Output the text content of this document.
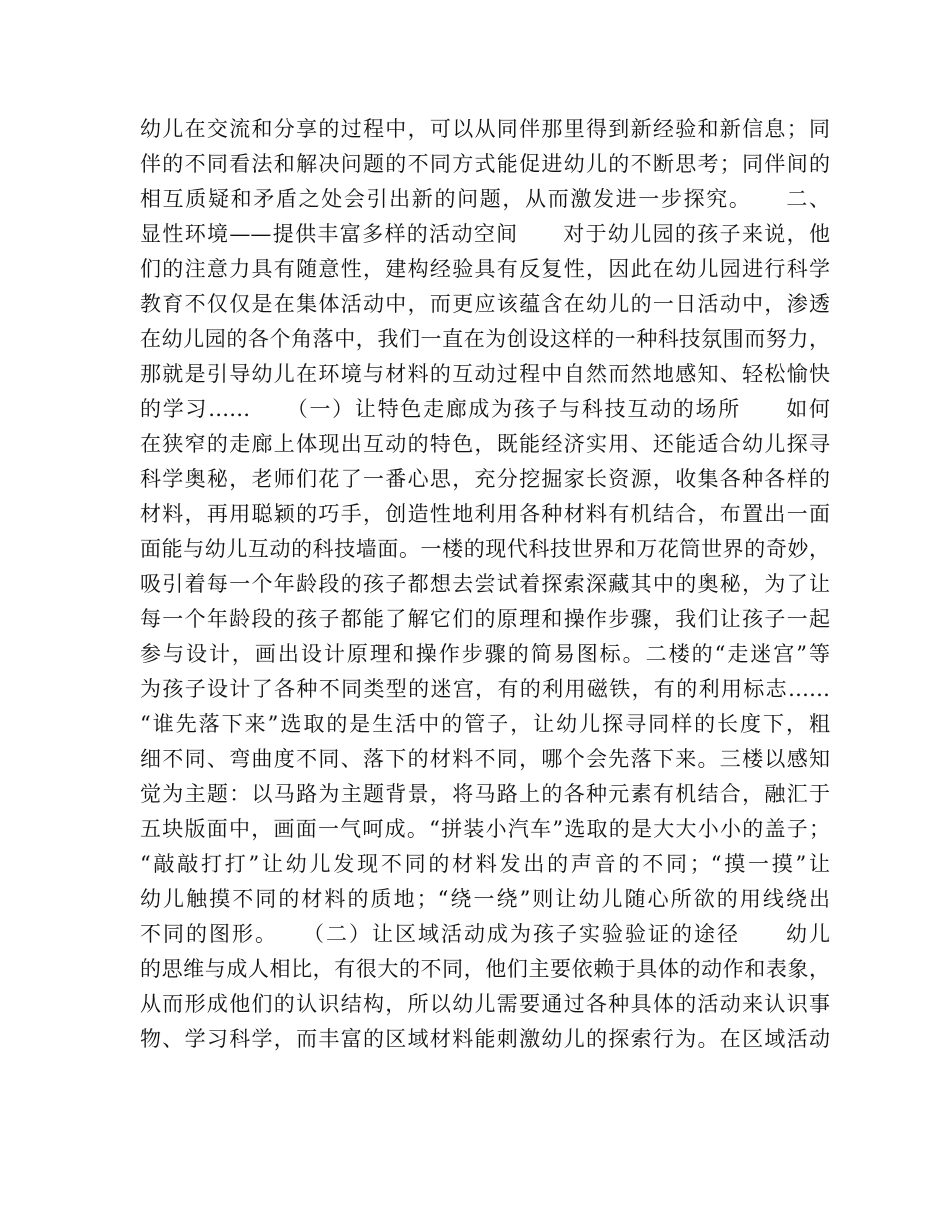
幼儿在交流和分享的过程中，可以从同伴那里得到新经验和新信息；同
伴的不同看法和解决问题的不同方式能促进幼儿的不断思考；同伴间的
相互质疑和矛盾之处会引出新的问题，从而激发进一步探究。　　二、
显性环境——提供丰富多样的活动空间　　对于幼儿园的孩子来说，他
们的注意力具有随意性，建构经验具有反复性，因此在幼儿园进行科学
教育不仅仅是在集体活动中，而更应该蕴含在幼儿的一日活动中，渗透
在幼儿园的各个角落中，我们一直在为创设这样的一种科技氛围而努力，
那就是引导幼儿在环境与材料的互动过程中自然而然地感知、轻松愉快
的学习……　　（一）让特色走廊成为孩子与科技互动的场所　　如何
在狭窄的走廊上体现出互动的特色，既能经济实用、还能适合幼儿探寻
科学奥秘，老师们花了一番心思，充分挖掘家长资源，收集各种各样的
材料，再用聪颖的巧手，创造性地利用各种材料有机结合，布置出一面
面能与幼儿互动的科技墙面。一楼的现代科技世界和万花筒世界的奇妙，
吸引着每一个年龄段的孩子都想去尝试着探索深藏其中的奥秘，为了让
每一个年龄段的孩子都能了解它们的原理和操作步骤，我们让孩子一起
参与设计，画出设计原理和操作步骤的简易图标。二楼的“走迷宫”等
为孩子设计了各种不同类型的迷宫，有的利用磁铁，有的利用标志……
“谁先落下来”选取的是生活中的管子，让幼儿探寻同样的长度下，粗
细不同、弯曲度不同、落下的材料不同，哪个会先落下来。三楼以感知
觉为主题：以马路为主题背景，将马路上的各种元素有机结合，融汇于
五块版面中，画面一气呵成。“拼装小汽车”选取的是大大小小的盖子；
“敲敲打打”让幼儿发现不同的材料发出的声音的不同；“摸一摸”让
幼儿触摸不同的材料的质地；“绕一绕”则让幼儿随心所欲的用线绕出
不同的图形。　　（二）让区域活动成为孩子实验验证的途径　　幼儿
的思维与成人相比，有很大的不同，他们主要依赖于具体的动作和表象，
从而形成他们的认识结构，所以幼儿需要通过各种具体的活动来认识事
物、学习科学，而丰富的区域材料能刺激幼儿的探索行为。在区域活动
